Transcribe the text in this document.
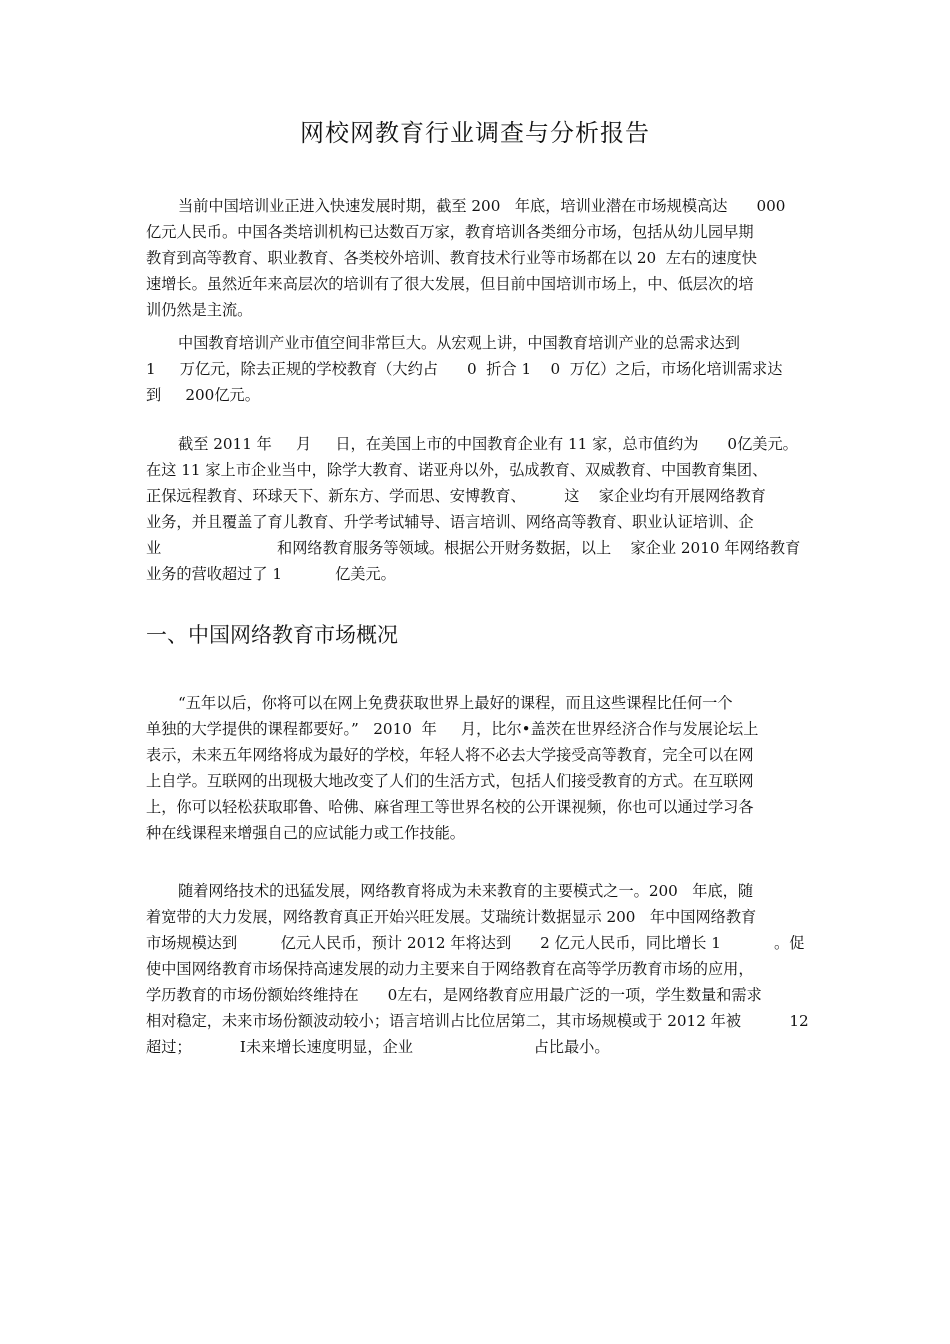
网校网教育行业调查与分析报告
当前中国培训业正进入快速发展时期，截至 200   年底，培训业潜在市场规模高达      000
亿元人民币。中国各类培训机构已达数百万家，教育培训各类细分市场，包括从幼儿园早期
教育到高等教育、职业教育、各类校外培训、教育技术行业等市场都在以 20  左右的速度快
速增长。虽然近年来高层次的培训有了很大发展，但目前中国培训市场上，中、低层次的培
训仍然是主流。
中国教育培训产业市值空间非常巨大。从宏观上讲，中国教育培训产业的总需求达到
1     万亿元，除去正规的学校教育（大约占      0  折合 1    0  万亿）之后，市场化培训需求达
到     200亿元。
截至 2011 年     月     日，在美国上市的中国教育企业有 11 家，总市值约为      0亿美元。
在这 11 家上市企业当中，除学大教育、诺亚舟以外，弘成教育、双威教育、中国教育集团、
正保远程教育、环球天下、新东方、学而思、安博教育、        这    家企业均有开展网络教育
业务，并且覆盖了育儿教育、升学考试辅导、语言培训、网络高等教育、职业认证培训、企
业                        和网络教育服务等领域。根据公开财务数据，以上    家企业 2010 年网络教育
业务的营收超过了 1           亿美元。
一、中国网络教育市场概况
“五年以后，你将可以在网上免费获取世界上最好的课程，而且这些课程比任何一个
单独的大学提供的课程都要好。”   2010  年     月，比尔•盖茨在世界经济合作与发展论坛上
表示，未来五年网络将成为最好的学校，年轻人将不必去大学接受高等教育，完全可以在网
上自学。互联网的出现极大地改变了人们的生活方式，包括人们接受教育的方式。在互联网
上，你可以轻松获取耶鲁、哈佛、麻省理工等世界名校的公开课视频，你也可以通过学习各
种在线课程来增强自己的应试能力或工作技能。
随着网络技术的迅猛发展，网络教育将成为未来教育的主要模式之一。200   年底，随
着宽带的大力发展，网络教育真正开始兴旺发展。艾瑞统计数据显示 200   年中国网络教育
市场规模达到         亿元人民币，预计 2012 年将达到      2 亿元人民币，同比增长 1           。促
使中国网络教育市场保持高速发展的动力主要来自于网络教育在高等学历教育市场的应用，
学历教育的市场份额始终维持在      0左右，是网络教育应用最广泛的一项，学生数量和需求
相对稳定，未来市场份额波动较小；语言培训占比位居第二，其市场规模或于 2012 年被          12
超过；          I未来增长速度明显，企业                         占比最小。
